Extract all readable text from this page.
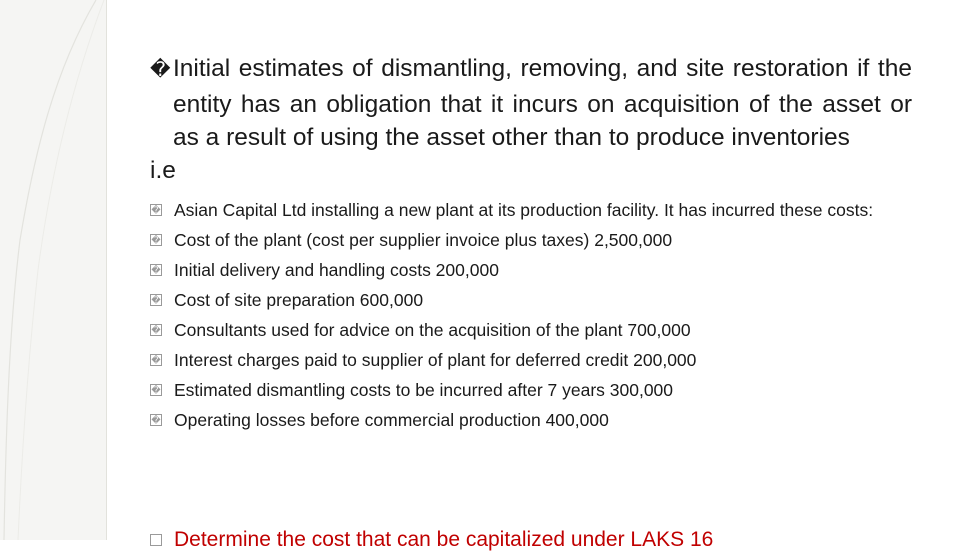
� Initial estimates of dismantling, removing, and site restoration if the entity has an obligation that it incurs on acquisition of the asset or as a result of using the asset other than to produce inventories

i.e

� Asian Capital Ltd installing a new plant at its production facility. It has incurred these costs:
� Cost of the plant (cost per supplier invoice plus taxes) 2,500,000
� Initial delivery and handling costs 200,000
� Cost of site preparation 600,000
� Consultants used for advice on the acquisition of the plant 700,000
� Interest charges paid to supplier of plant for deferred credit 200,000
� Estimated dismantling costs to be incurred after 7 years 300,000
� Operating losses before commercial production 400,000
Determine the cost that can be capitalized under LAKS 16
